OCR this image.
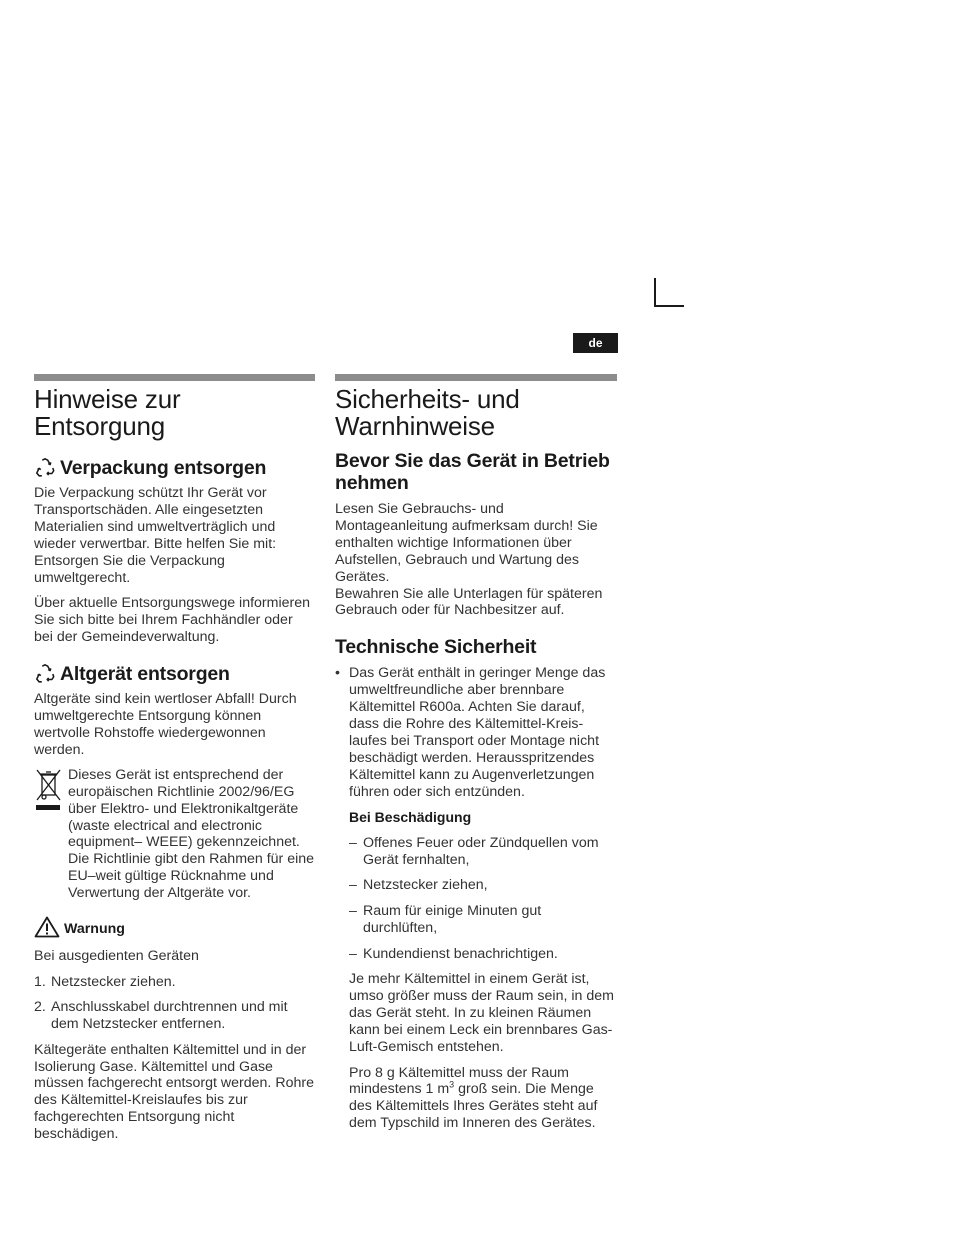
de
Hinweise zur Entsorgung
Verpackung entsorgen

Die Verpackung schützt Ihr Gerät vor Transportschäden. Alle eingesetzten Materialien sind umweltverträglich und wieder verwertbar. Bitte helfen Sie mit: Entsorgen Sie die Verpackung umweltgerecht.

Über aktuelle Entsorgungswege informieren Sie sich bitte bei Ihrem Fachhändler oder bei der Gemeindeverwaltung.

Altgerät entsorgen

Altgeräte sind kein wertloser Abfall! Durch umweltgerechte Entsorgung können wertvolle Rohstoffe wiedergewonnen werden.

Dieses Gerät ist entsprechend der europäischen Richtlinie 2002/96/EG über Elektro- und Elektronikaltgeräte (waste electrical and electronic equipment– WEEE) gekennzeichnet. Die Richtlinie gibt den Rahmen für eine EU–weit gültige Rücknahme und Verwertung der Altgeräte vor.

Warnung

Bei ausgedienten Geräten

1. Netzstecker ziehen.
2. Anschlusskabel durchtrennen und mit dem Netzstecker entfernen.

Kältegeräte enthalten Kältemittel und in der Isolierung Gase. Kältemittel und Gase müssen fachgerecht entsorgt werden. Rohre des Kältemittel-Kreislaufes bis zur fachgerechten Entsorgung nicht beschädigen.

Sicherheits- und Warnhinweise
Bevor Sie das Gerät in Betrieb nehmen

Lesen Sie Gebrauchs- und Montageanleitung aufmerksam durch! Sie enthalten wichtige Informationen über Aufstellen, Gebrauch und Wartung des Gerätes.

Bewahren Sie alle Unterlagen für späteren Gebrauch oder für Nachbesitzer auf.

Technische Sicherheit
• Das Gerät enthält in geringer Menge das umweltfreundliche aber brennbare Kältemittel R600a. Achten Sie darauf, dass die Rohre des Kältemittel-Kreis-laufes bei Transport oder Montage nicht beschädigt werden. Herausspritzendes Kältemittel kann zu Augenverletzungen führen oder sich entzünden.
Bei Beschädigung
– Offenes Feuer oder Zündquellen vom Gerät fernhalten,
– Netzstecker ziehen,
– Raum für einige Minuten gut durchlüften,
– Kundendienst benachrichtigen.

Je mehr Kältemittel in einem Gerät ist, umso größer muss der Raum sein, in dem das Gerät steht. In zu kleinen Räumen kann bei einem Leck ein brennbares Gas-Luft-Gemisch entstehen.

Pro 8 g Kältemittel muss der Raum mindestens 1 $m^3$ groß sein. Die Menge des Kältemittels Ihres Gerätes steht auf dem Typschild im Inneren des Gerätes.
